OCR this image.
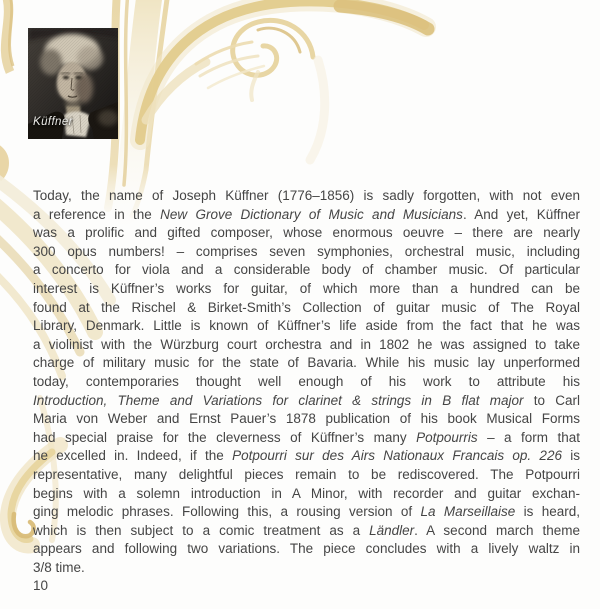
Küffner
Today, the name of Joseph Küffner (1776–1856) is sadly forgotten, with not even
a reference in the New Grove Dictionary of Music and Musicians. And yet, Küffner
was a prolific and gifted composer, whose enormous oeuvre – there are nearly
300 opus numbers! – comprises seven symphonies, orchestral music, including
a concerto for viola and a considerable body of chamber music. Of particular
interest is Küffner’s works for guitar, of which more than a hundred can be
found at the Rischel & Birket-Smith’s Collection of guitar music of The Royal
Library, Denmark. Little is known of Küffner’s life aside from the fact that he was
a violinist with the Würzburg court orchestra and in 1802 he was assigned to take
charge of military music for the state of Bavaria. While his music lay unperformed
today, contemporaries thought well enough of his work to attribute his
Introduction, Theme and Variations for clarinet & strings in B flat major to Carl
Maria von Weber and Ernst Pauer’s 1878 publication of his book Musical Forms
had special praise for the cleverness of Küffner’s many Potpourris – a form that
he excelled in. Indeed, if the Potpourri sur des Airs Nationaux Francais op. 226 is
representative, many delightful pieces remain to be rediscovered. The Potpourri
begins with a solemn introduction in A Minor, with recorder and guitar exchan-
ging melodic phrases. Following this, a rousing version of La Marseillaise is heard,
which is then subject to a comic treatment as a Ländler. A second march theme
appears and following two variations. The piece concludes with a lively waltz in
3/8 time.
10
